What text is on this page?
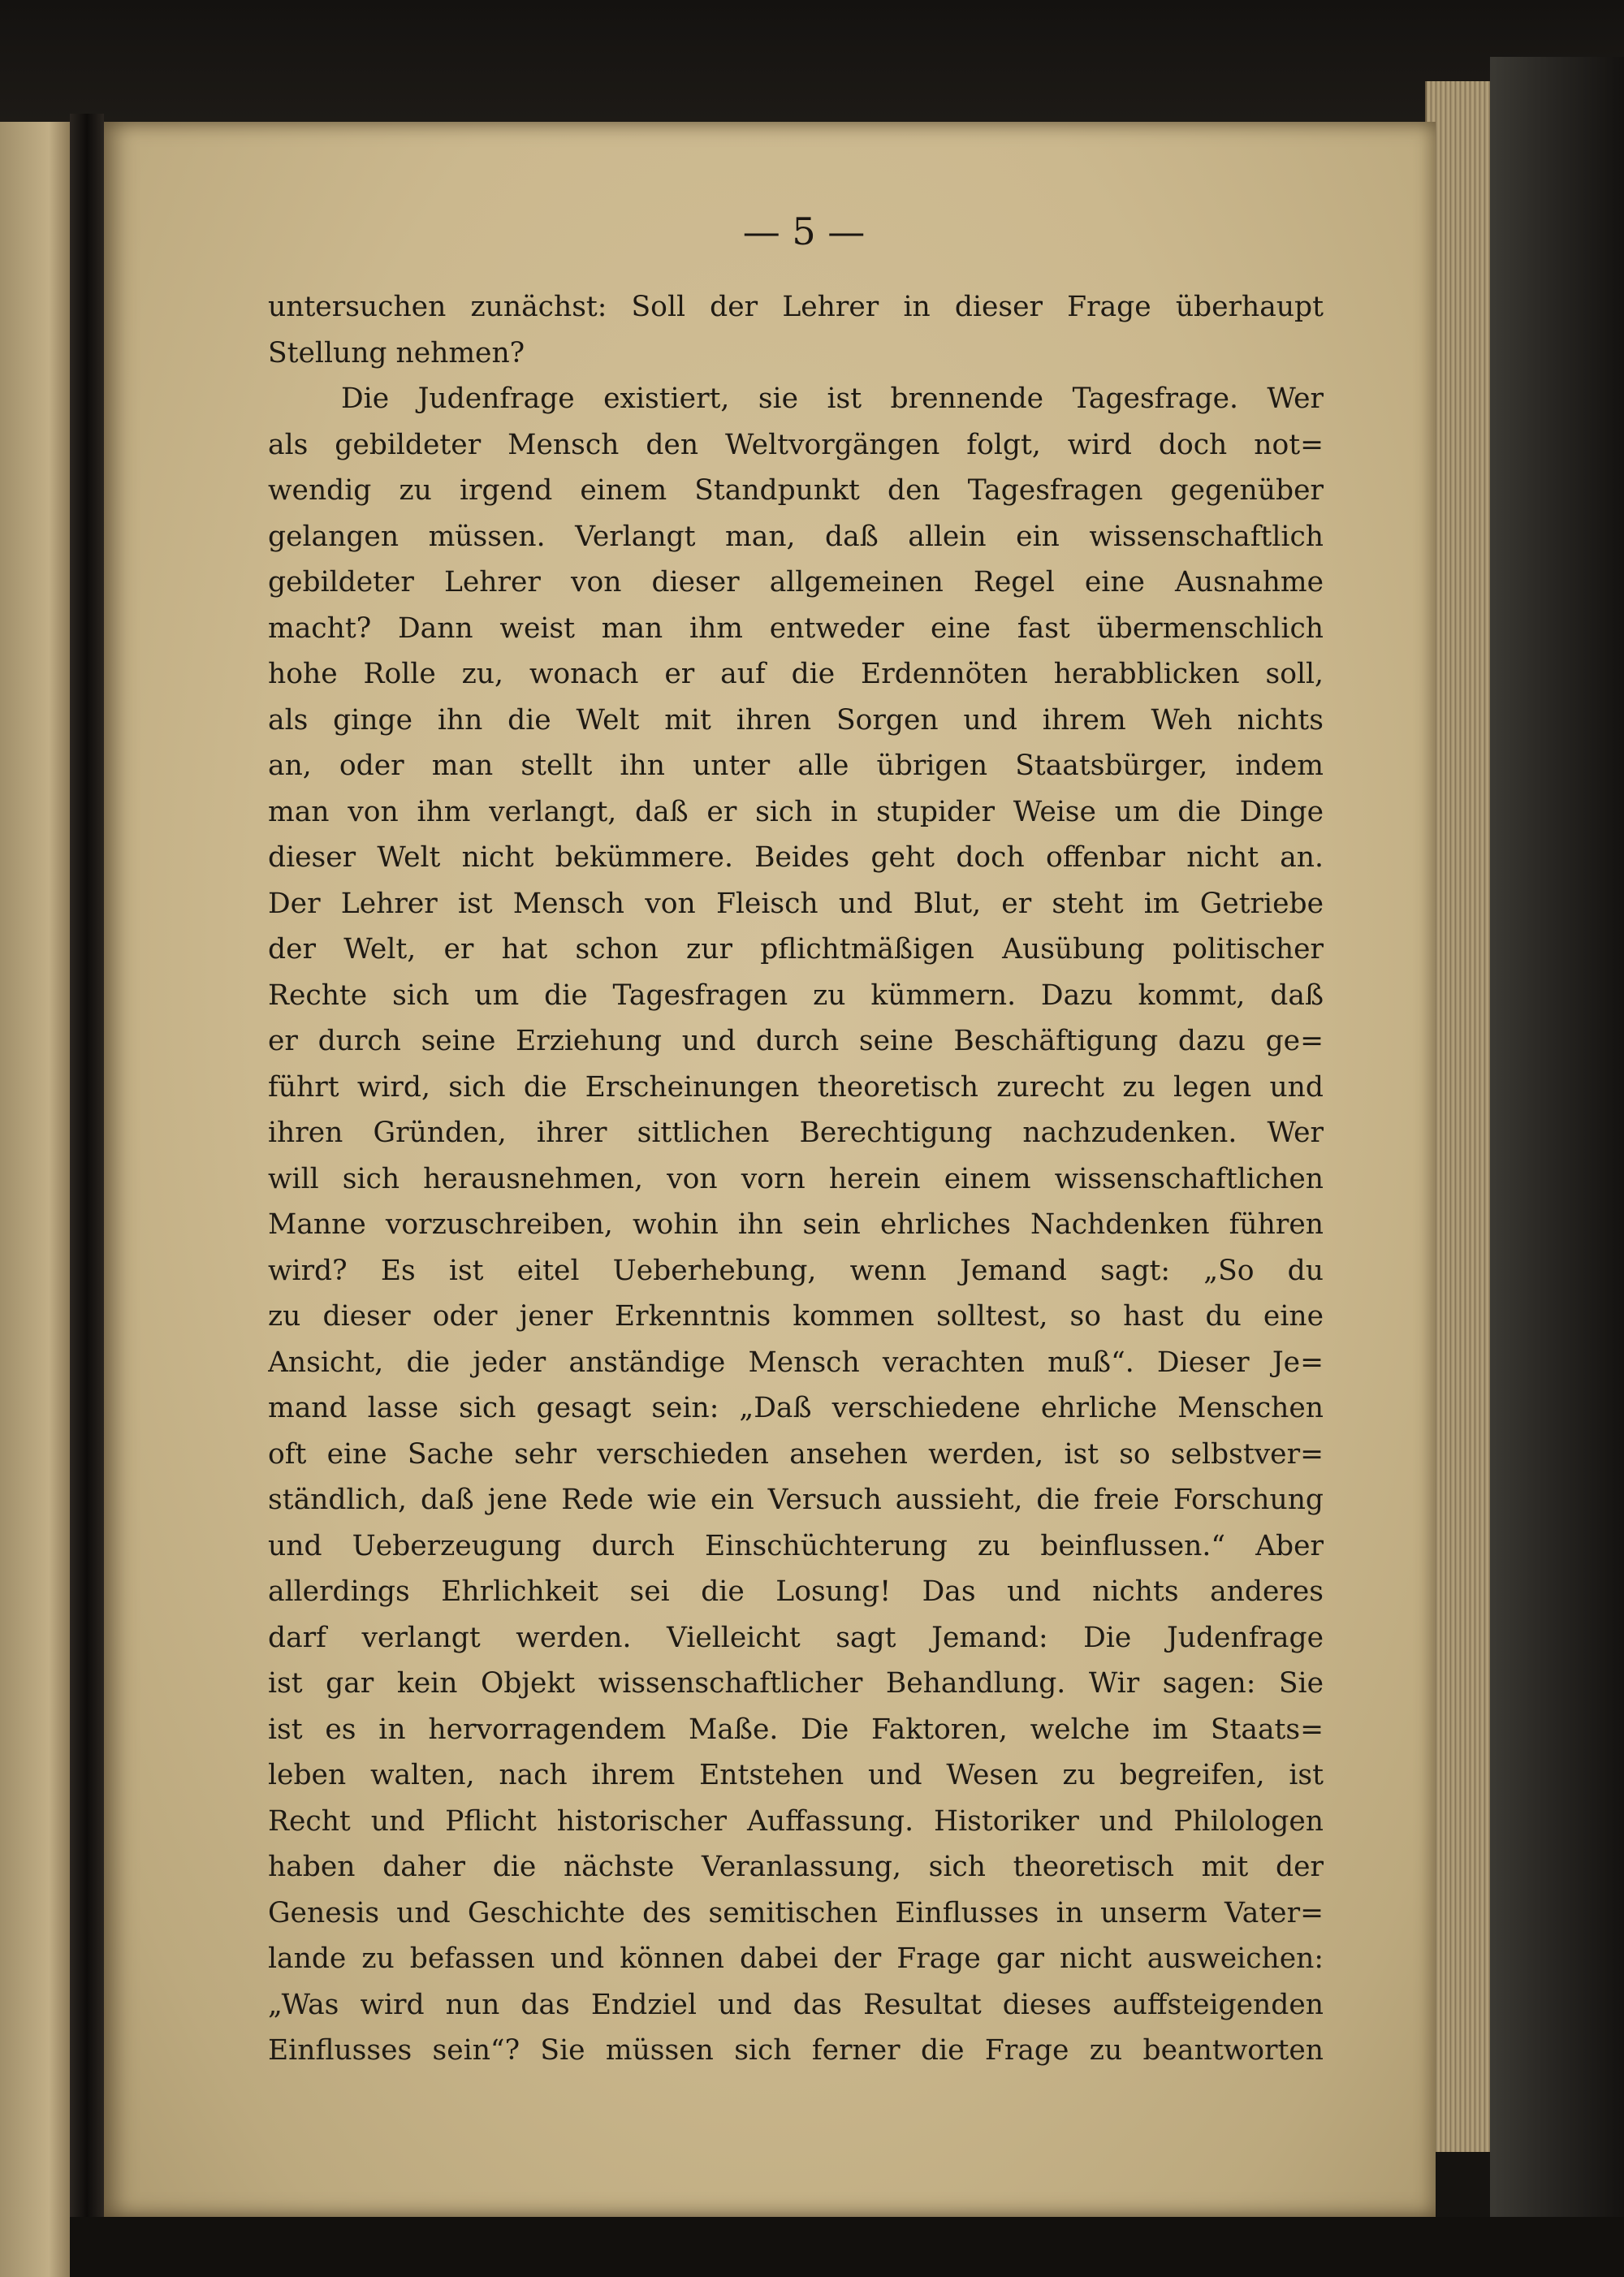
— 5 —
untersuchen zunächst: Soll der Lehrer in dieser Frage überhaupt
Stellung nehmen?
Die Judenfrage existiert, sie ist brennende Tagesfrage. Wer
als gebildeter Mensch den Weltvorgängen folgt, wird doch not=
wendig zu irgend einem Standpunkt den Tagesfragen gegenüber
gelangen müssen. Verlangt man, daß allein ein wissenschaftlich
gebildeter Lehrer von dieser allgemeinen Regel eine Ausnahme
macht? Dann weist man ihm entweder eine fast übermenschlich
hohe Rolle zu, wonach er auf die Erdennöten herabblicken soll,
als ginge ihn die Welt mit ihren Sorgen und ihrem Weh nichts
an, oder man stellt ihn unter alle übrigen Staatsbürger, indem
man von ihm verlangt, daß er sich in stupider Weise um die Dinge
dieser Welt nicht bekümmere. Beides geht doch offenbar nicht an.
Der Lehrer ist Mensch von Fleisch und Blut, er steht im Getriebe
der Welt, er hat schon zur pflichtmäßigen Ausübung politischer
Rechte sich um die Tagesfragen zu kümmern. Dazu kommt, daß
er durch seine Erziehung und durch seine Beschäftigung dazu ge=
führt wird, sich die Erscheinungen theoretisch zurecht zu legen und
ihren Gründen, ihrer sittlichen Berechtigung nachzudenken. Wer
will sich herausnehmen, von vorn herein einem wissenschaftlichen
Manne vorzuschreiben, wohin ihn sein ehrliches Nachdenken führen
wird? Es ist eitel Ueberhebung, wenn Jemand sagt: „So du
zu dieser oder jener Erkenntnis kommen solltest, so hast du eine
Ansicht, die jeder anständige Mensch verachten muß“. Dieser Je=
mand lasse sich gesagt sein: „Daß verschiedene ehrliche Menschen
oft eine Sache sehr verschieden ansehen werden, ist so selbstver=
ständlich, daß jene Rede wie ein Versuch aussieht, die freie Forschung
und Ueberzeugung durch Einschüchterung zu beinflussen.“ Aber
allerdings Ehrlichkeit sei die Losung! Das und nichts anderes
darf verlangt werden. Vielleicht sagt Jemand: Die Judenfrage
ist gar kein Objekt wissenschaftlicher Behandlung. Wir sagen: Sie
ist es in hervorragendem Maße. Die Faktoren, welche im Staats=
leben walten, nach ihrem Entstehen und Wesen zu begreifen, ist
Recht und Pflicht historischer Auffassung. Historiker und Philologen
haben daher die nächste Veranlassung, sich theoretisch mit der
Genesis und Geschichte des semitischen Einflusses in unserm Vater=
lande zu befassen und können dabei der Frage gar nicht ausweichen:
„Was wird nun das Endziel und das Resultat dieses auffsteigenden
Einflusses sein“? Sie müssen sich ferner die Frage zu beantworten
